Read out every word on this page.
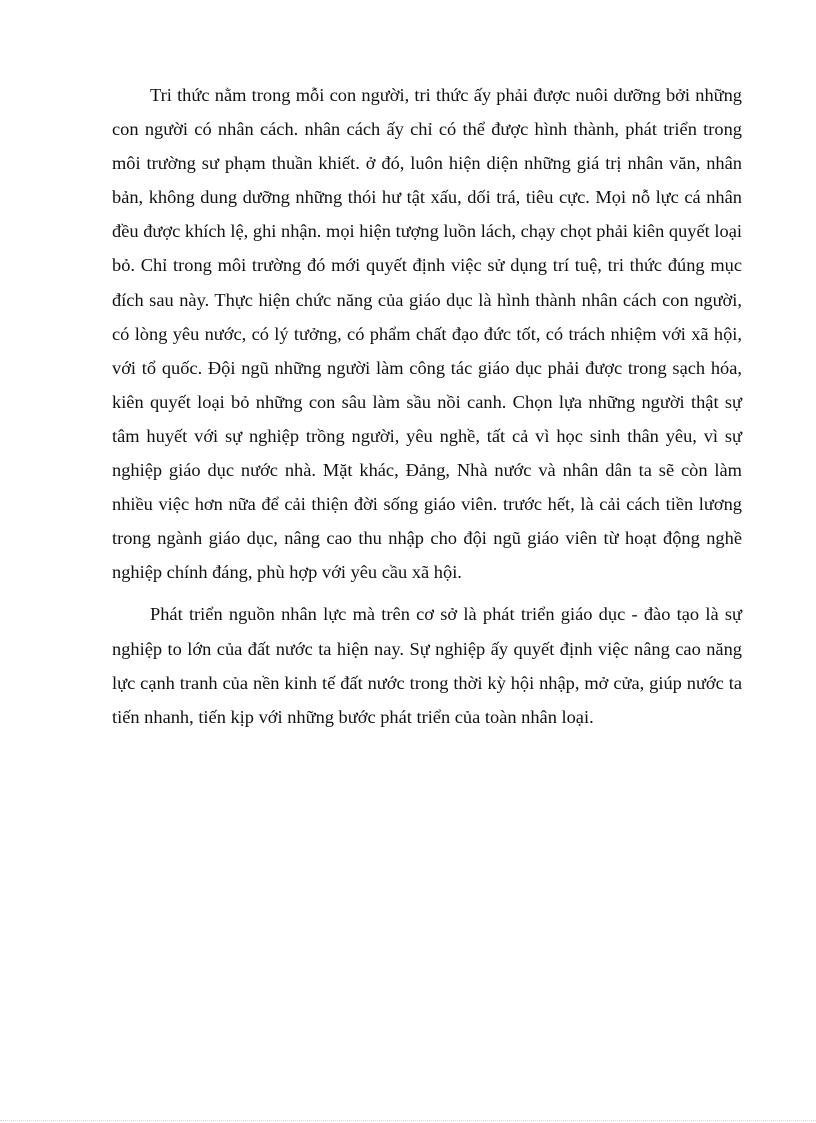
Tri thức nằm trong mỗi con người, tri thức ấy phải được nuôi dưỡng bởi những con người có nhân cách. nhân cách ấy chỉ có thể được hình thành, phát triển trong môi trường sư phạm thuần khiết. ở đó, luôn hiện diện những giá trị nhân văn, nhân bản, không dung dưỡng những thói hư tật xấu, dối trá, tiêu cực. Mọi nỗ lực cá nhân đều được khích lệ, ghi nhận. mọi hiện tượng luồn lách, chạy chọt phải kiên quyết loại bỏ. Chỉ trong môi trường đó mới quyết định việc sử dụng trí tuệ, tri thức đúng mục đích sau này. Thực hiện chức năng của giáo dục là hình thành nhân cách con người, có lòng yêu nước, có lý tưởng, có phẩm chất đạo đức tốt, có trách nhiệm với xã hội, với tổ quốc. Đội ngũ những người làm công tác giáo dục phải được trong sạch hóa, kiên quyết loại bỏ những con sâu làm sầu nồi canh. Chọn lựa những người thật sự tâm huyết với sự nghiệp trồng người, yêu nghề, tất cả vì học sinh thân yêu, vì sự nghiệp giáo dục nước nhà. Mặt khác, Đảng, Nhà nước và nhân dân ta sẽ còn làm nhiều việc hơn nữa để cải thiện đời sống giáo viên. trước hết, là cải cách tiền lương trong ngành giáo dục, nâng cao thu nhập cho đội ngũ giáo viên từ hoạt động nghề nghiệp chính đáng, phù hợp với yêu cầu xã hội.

Phát triển nguồn nhân lực mà trên cơ sở là phát triển giáo dục - đào tạo là sự nghiệp to lớn của đất nước ta hiện nay. Sự nghiệp ấy quyết định việc nâng cao năng lực cạnh tranh của nền kinh tế đất nước trong thời kỳ hội nhập, mở cửa, giúp nước ta tiến nhanh, tiến kịp với những bước phát triển của toàn nhân loại.
